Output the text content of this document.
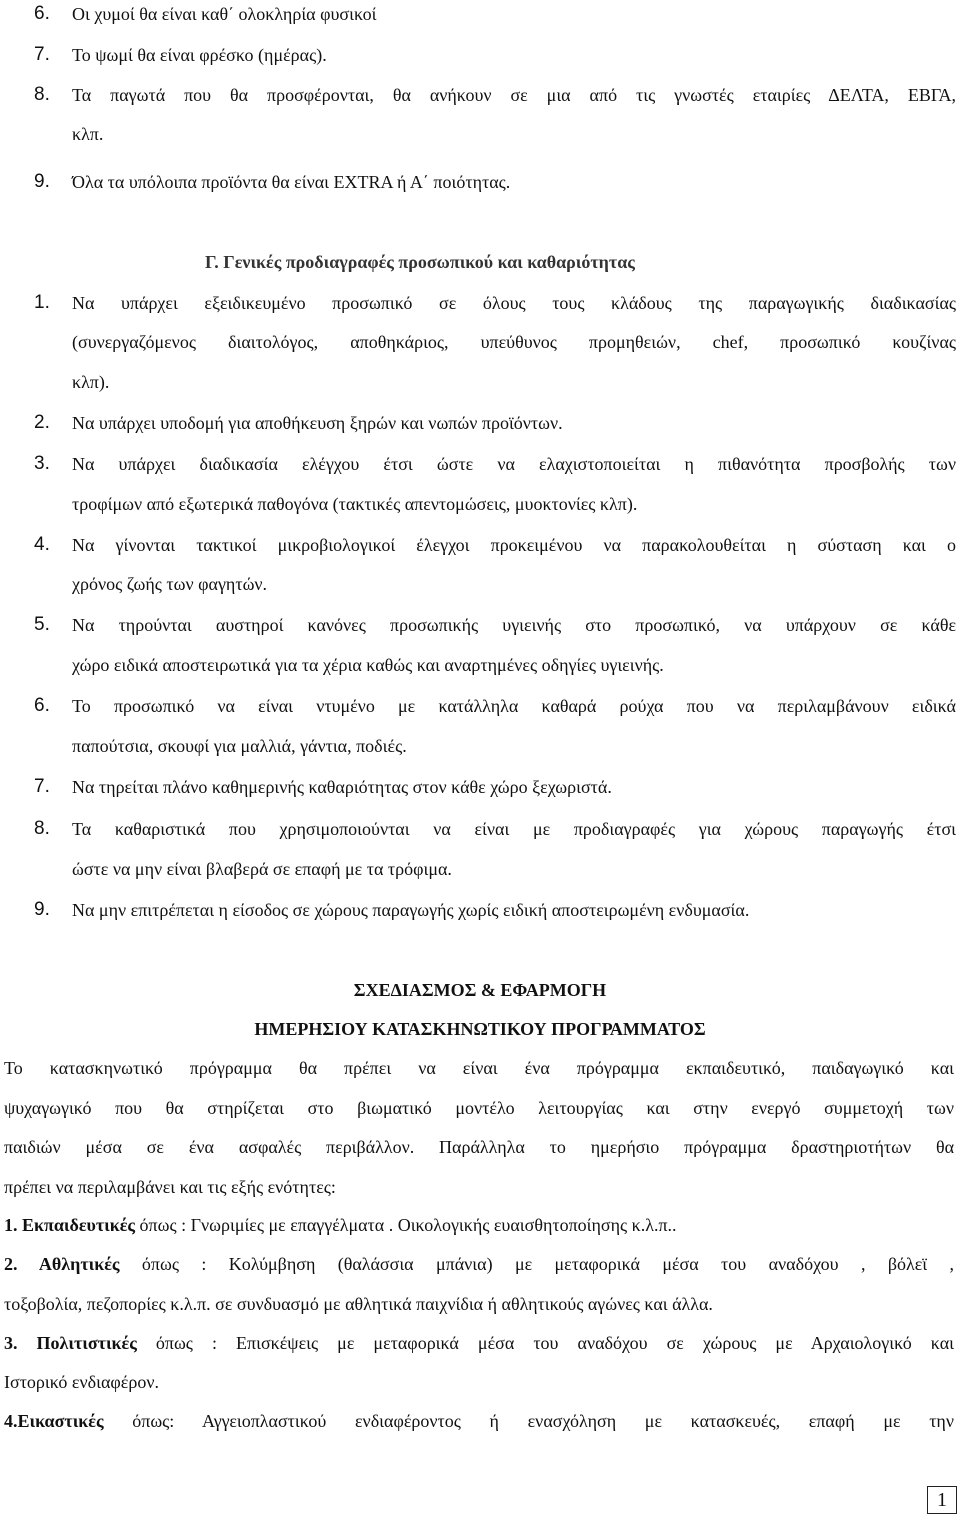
6.	Οι χυμοί θα είναι καθ΄ ολοκληρία φυσικοί
7.	Το ψωμί θα είναι φρέσκο (ημέρας).
8.	Τα παγωτά που θα προσφέρονται, θα ανήκουν σε μια από τις γνωστές εταιρίες ΔΕΛΤΑ, ΕΒΓΑ,
κλπ.
9.	Όλα τα υπόλοιπα προϊόντα θα είναι EXTRA ή Α΄ ποιότητας.
Γ. Γενικές προδιαγραφές προσωπικού και καθαριότητας
1.	Να υπάρχει εξειδικευμένο προσωπικό σε όλους τους κλάδους της παραγωγικής διαδικασίας
(συνεργαζόμενος διαιτολόγος, αποθηκάριος, υπεύθυνος προμηθειών, chef, προσωπικό κουζίνας
κλπ).
2.	Να υπάρχει υποδομή για αποθήκευση ξηρών και νωπών προϊόντων.
3.	Να υπάρχει διαδικασία ελέγχου έτσι ώστε να ελαχιστοποιείται η πιθανότητα προσβολής των
τροφίμων από εξωτερικά παθογόνα (τακτικές απεντομώσεις, μυοκτονίες κλπ).
4.	Να γίνονται τακτικοί μικροβιολογικοί έλεγχοι προκειμένου να παρακολουθείται η σύσταση και ο
χρόνος ζωής των φαγητών.
5.	Να τηρούνται αυστηροί κανόνες προσωπικής υγιεινής στο προσωπικό, να υπάρχουν σε κάθε
χώρο ειδικά αποστειρωτικά για τα χέρια καθώς και αναρτημένες οδηγίες υγιεινής.
6.	Το προσωπικό να είναι ντυμένο με κατάλληλα καθαρά ρούχα που να περιλαμβάνουν ειδικά
παπούτσια, σκουφί για μαλλιά, γάντια, ποδιές.
7.	Να τηρείται πλάνο καθημερινής καθαριότητας στον κάθε χώρο ξεχωριστά.
8.	Τα καθαριστικά που χρησιμοποιούνται να είναι με προδιαγραφές για χώρους παραγωγής έτσι
ώστε να μην είναι βλαβερά σε επαφή με τα τρόφιμα.
9.	Να μην επιτρέπεται η είσοδος σε χώρους παραγωγής χωρίς ειδική αποστειρωμένη ενδυμασία.
ΣΧΕΔΙΑΣΜΟΣ & ΕΦΑΡΜΟΓΗ
ΗΜΕΡΗΣΙΟΥ ΚΑΤΑΣΚΗΝΩΤΙΚΟΥ ΠΡΟΓΡΑΜΜΑΤΟΣ
Το κατασκηνωτικό πρόγραμμα θα πρέπει να είναι ένα πρόγραμμα εκπαιδευτικό, παιδαγωγικό και
ψυχαγωγικό που θα στηρίζεται στο βιωματικό μοντέλο λειτουργίας και στην ενεργό συμμετοχή των
παιδιών μέσα σε ένα ασφαλές περιβάλλον. Παράλληλα το ημερήσιο πρόγραμμα δραστηριοτήτων θα
πρέπει να περιλαμβάνει και τις εξής ενότητες:
1. Εκπαιδευτικές όπως : Γνωριμίες με επαγγέλματα . Οικολογικής ευαισθητοποίησης κ.λ.π..
2. Αθλητικές όπως : Κολύμβηση (θαλάσσια μπάνια) με μεταφορικά μέσα του αναδόχου , βόλεϊ ,
τοξοβολία, πεζοπορίες κ.λ.π. σε συνδυασμό με αθλητικά παιχνίδια ή αθλητικούς αγώνες και άλλα.
3. Πολιτιστικές όπως : Επισκέψεις με μεταφορικά μέσα του αναδόχου σε χώρους με Αρχαιολογικό και
Ιστορικό ενδιαφέρον.
4.Εικαστικές όπως: Αγγειοπλαστικού ενδιαφέροντος ή ενασχόληση με κατασκευές, επαφή με την
1
